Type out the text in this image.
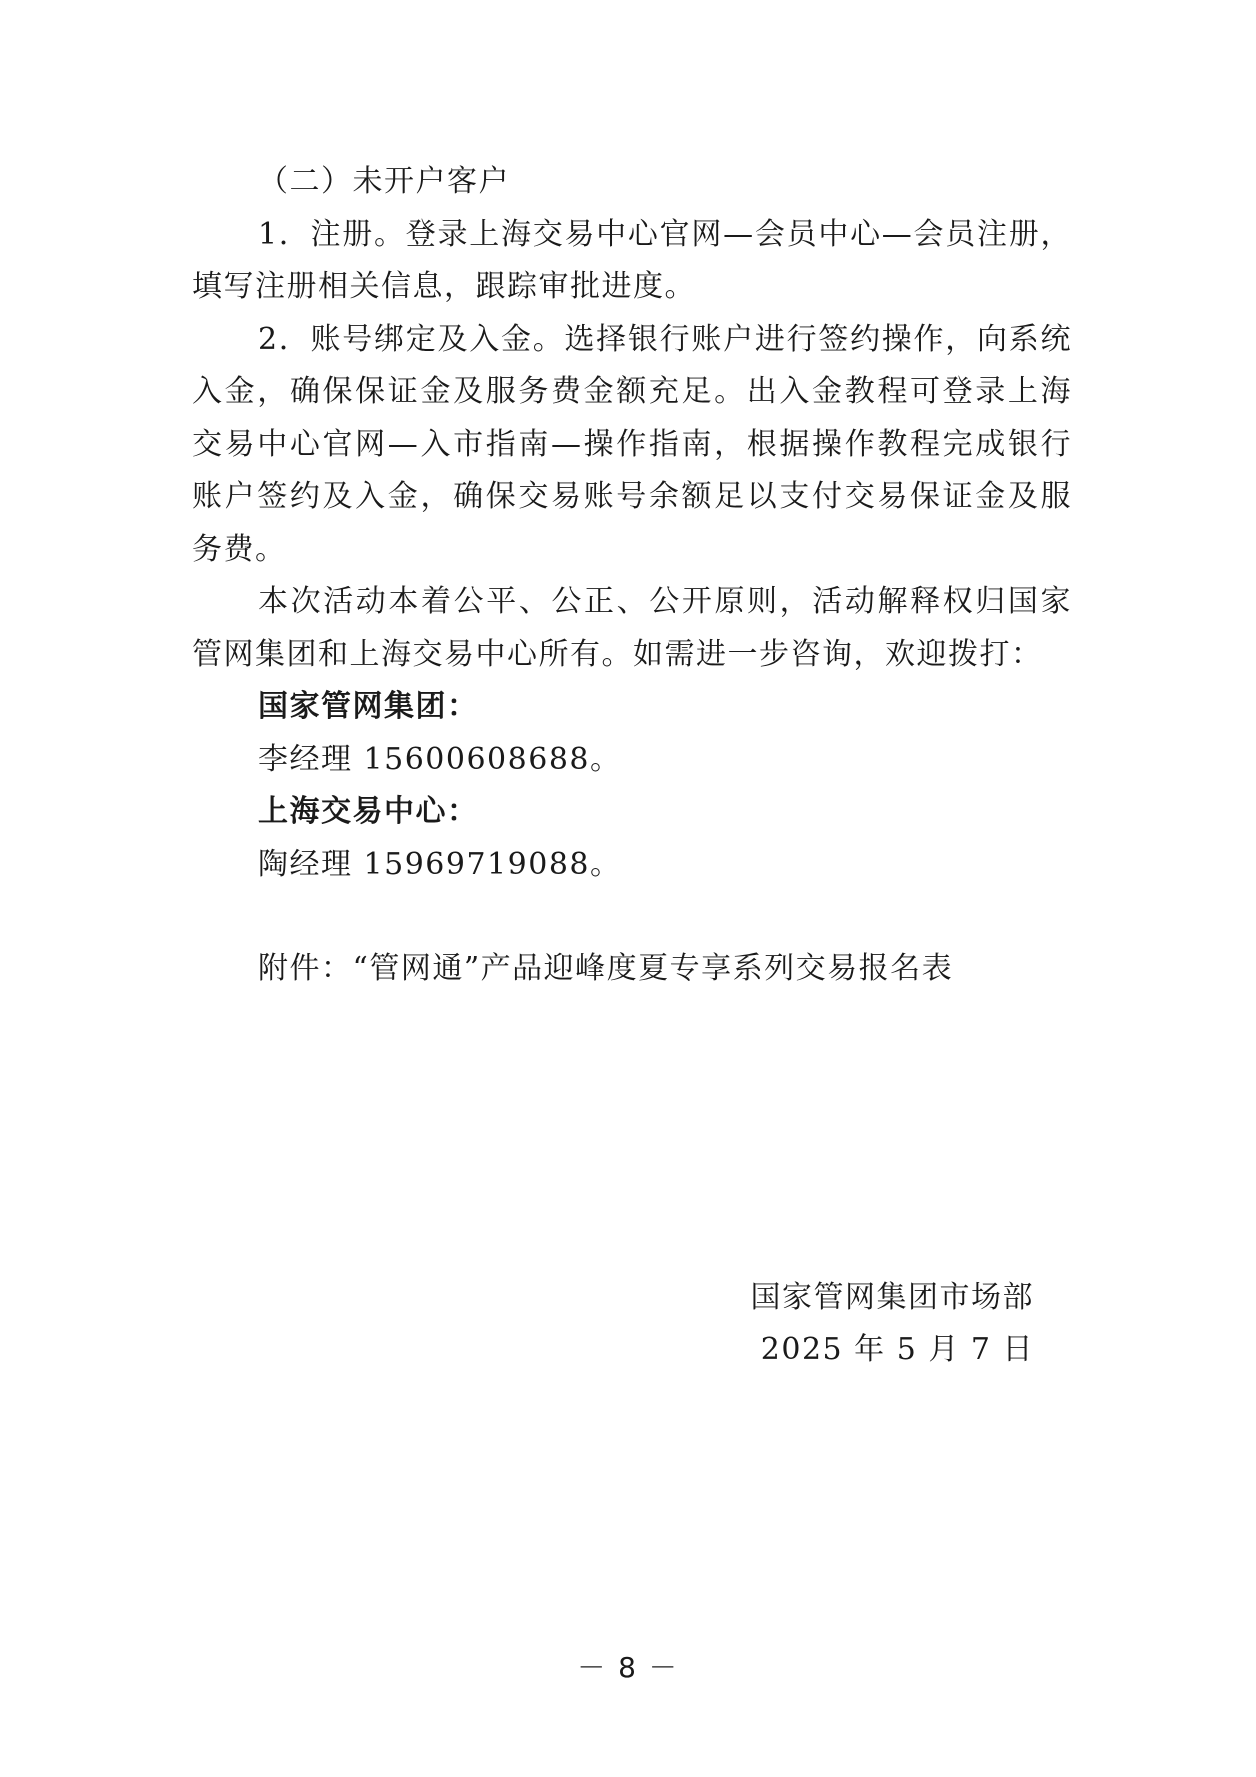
（二）未开户客户

1．注册。登录上海交易中心官网—会员中心—会员注册，填写注册相关信息，跟踪审批进度。

2．账号绑定及入金。选择银行账户进行签约操作，向系统入金，确保保证金及服务费金额充足。出入金教程可登录上海交易中心官网—入市指南—操作指南，根据操作教程完成银行账户签约及入金，确保交易账号余额足以支付交易保证金及服务费。

本次活动本着公平、公正、公开原则，活动解释权归国家管网集团和上海交易中心所有。如需进一步咨询，欢迎拨打：

国家管网集团：

李经理 15600608688。

上海交易中心：

陶经理 15969719088。

附件：“管网通”产品迎峰度夏专享系列交易报名表

国家管网集团市场部
2025 年 5 月 7 日
－ 8 －
